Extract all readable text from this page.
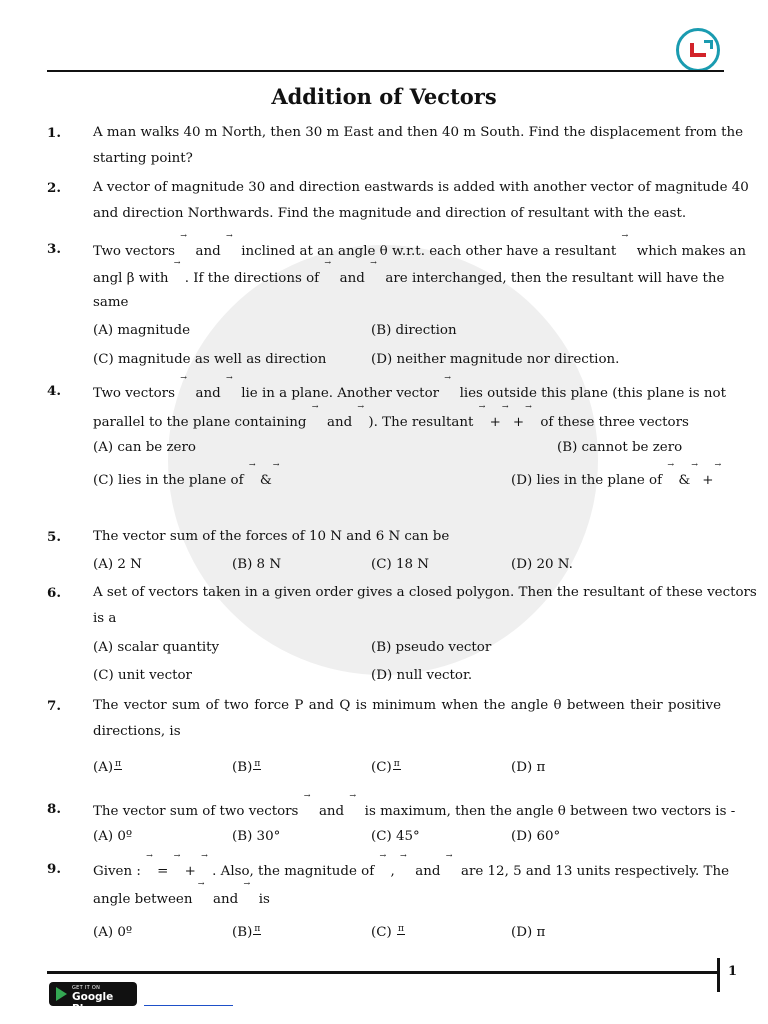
Addition of Vectors
1. A man walks 40 m North, then 30 m East and then 40 m South. Find the displacement from the
starting point?
2. A vector of magnitude 30 and direction eastwards is added with another vector of magnitude 40
and direction Northwards. Find the magnitude and direction of resultant with the east.
3. Two vectors → and → inclined at an angle θ w.r.t. each other have a resultant → which makes an
angl β with → . If the directions of → and → are interchanged, then the resultant will have the
same
(A) magnitude	(B) direction
(C) magnitude as well as direction	(D) neither magnitude nor direction.
4. Two vectors → and → lie in a plane. Another vector → lies outside this plane (this plane is not
parallel to the plane containing → and → ). The resultant → + → + → of these three vectors
(A) can be zero	(B) cannot be zero
(C) lies in the plane of → & →	(D) lies in the plane of → & → +→
5. The vector sum of the forces of 10 N and 6 N can be
(A) 2 N	(B) 8 N	(C) 18 N	(D) 20 N.
6. A set of vectors taken in a given order gives a closed polygon. Then the resultant of these vectors
is a
(A) scalar quantity	(B) pseudo vector
(C) unit vector	(D) null vector.
7. The vector sum of two force P and Q is minimum when the angle θ between their positive
directions, is
(A) π	(B) π	(C) π	(D) π
8. The vector sum of two vectors → and → is maximum, then the angle θ between two vectors is -
(A) 0º	(B) 30°	(C) 45°	(D) 60°
9. Given : → = → + → . Also, the magnitude of → , → and → are 12, 5 and 13 units respectively. The
angle between → and → is
(A) 0º	(B) π	(C) π	(D) π
1
GET IT ON
Google Play
